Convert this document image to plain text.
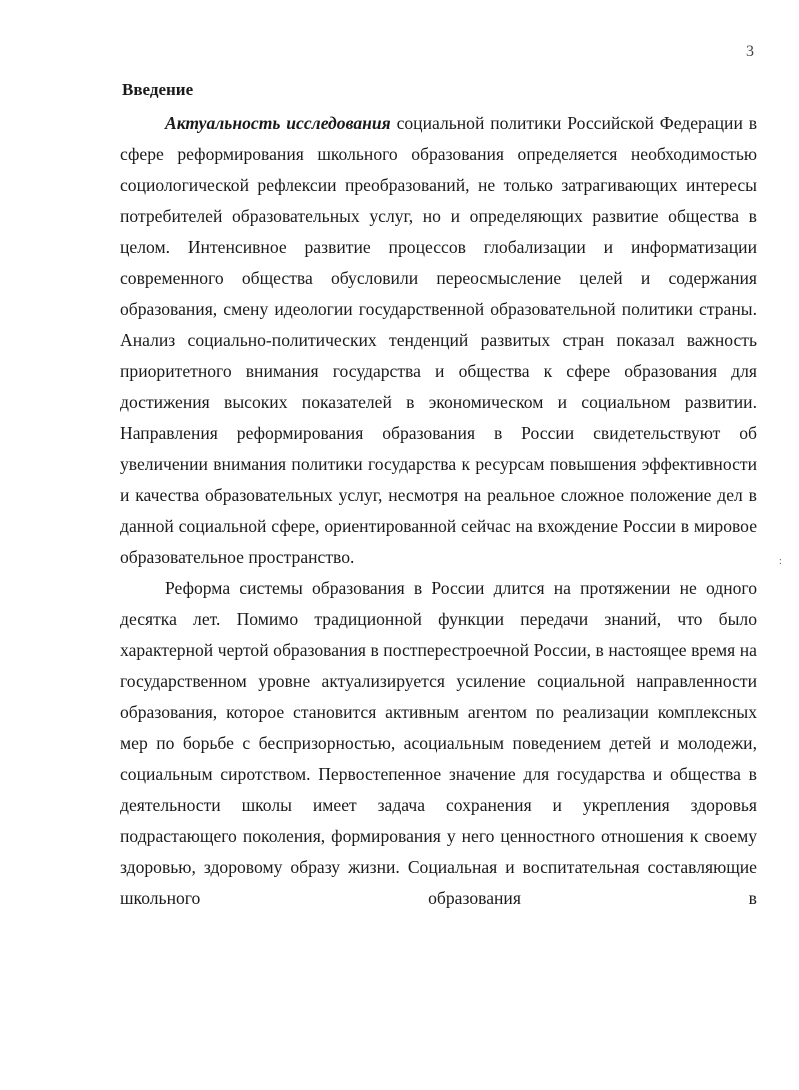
3
Введение

Актуальность исследования социальной политики Российской Федерации в сфере реформирования школьного образования определяется необходимостью социологической рефлексии преобразований, не только затрагивающих интересы потребителей образовательных услуг, но и определяющих развитие общества в целом. Интенсивное развитие процессов глобализации и информатизации современного общества обусловили переосмысление целей и содержания образования, смену идеологии государственной образовательной политики страны. Анализ социально-политических тенденций развитых стран показал важность приоритетного внимания государства и общества к сфере образования для достижения высоких показателей в экономическом и социальном развитии. Направления реформирования образования в России свидетельствуют об увеличении внимания политики государства к ресурсам повышения эффективности и качества образовательных услуг, несмотря на реальное сложное положение дел в данной социальной сфере, ориентированной сейчас на вхождение России в мировое образовательное пространство.

Реформа системы образования в России длится на протяжении не одного десятка лет. Помимо традиционной функции передачи знаний, что было характерной чертой образования в постперестроечной России, в настоящее время на государственном уровне актуализируется усиление социальной направленности образования, которое становится активным агентом по реализации комплексных мер по борьбе с беспризорностью, асоциальным поведением детей и молодежи, социальным сиротством. Первостепенное значение для государства и общества в деятельности школы имеет задача сохранения и укрепления здоровья подрастающего поколения, формирования у него ценностного отношения к своему здоровью, здоровому образу жизни. Социальная и воспитательная составляющие школьного образования в

:
